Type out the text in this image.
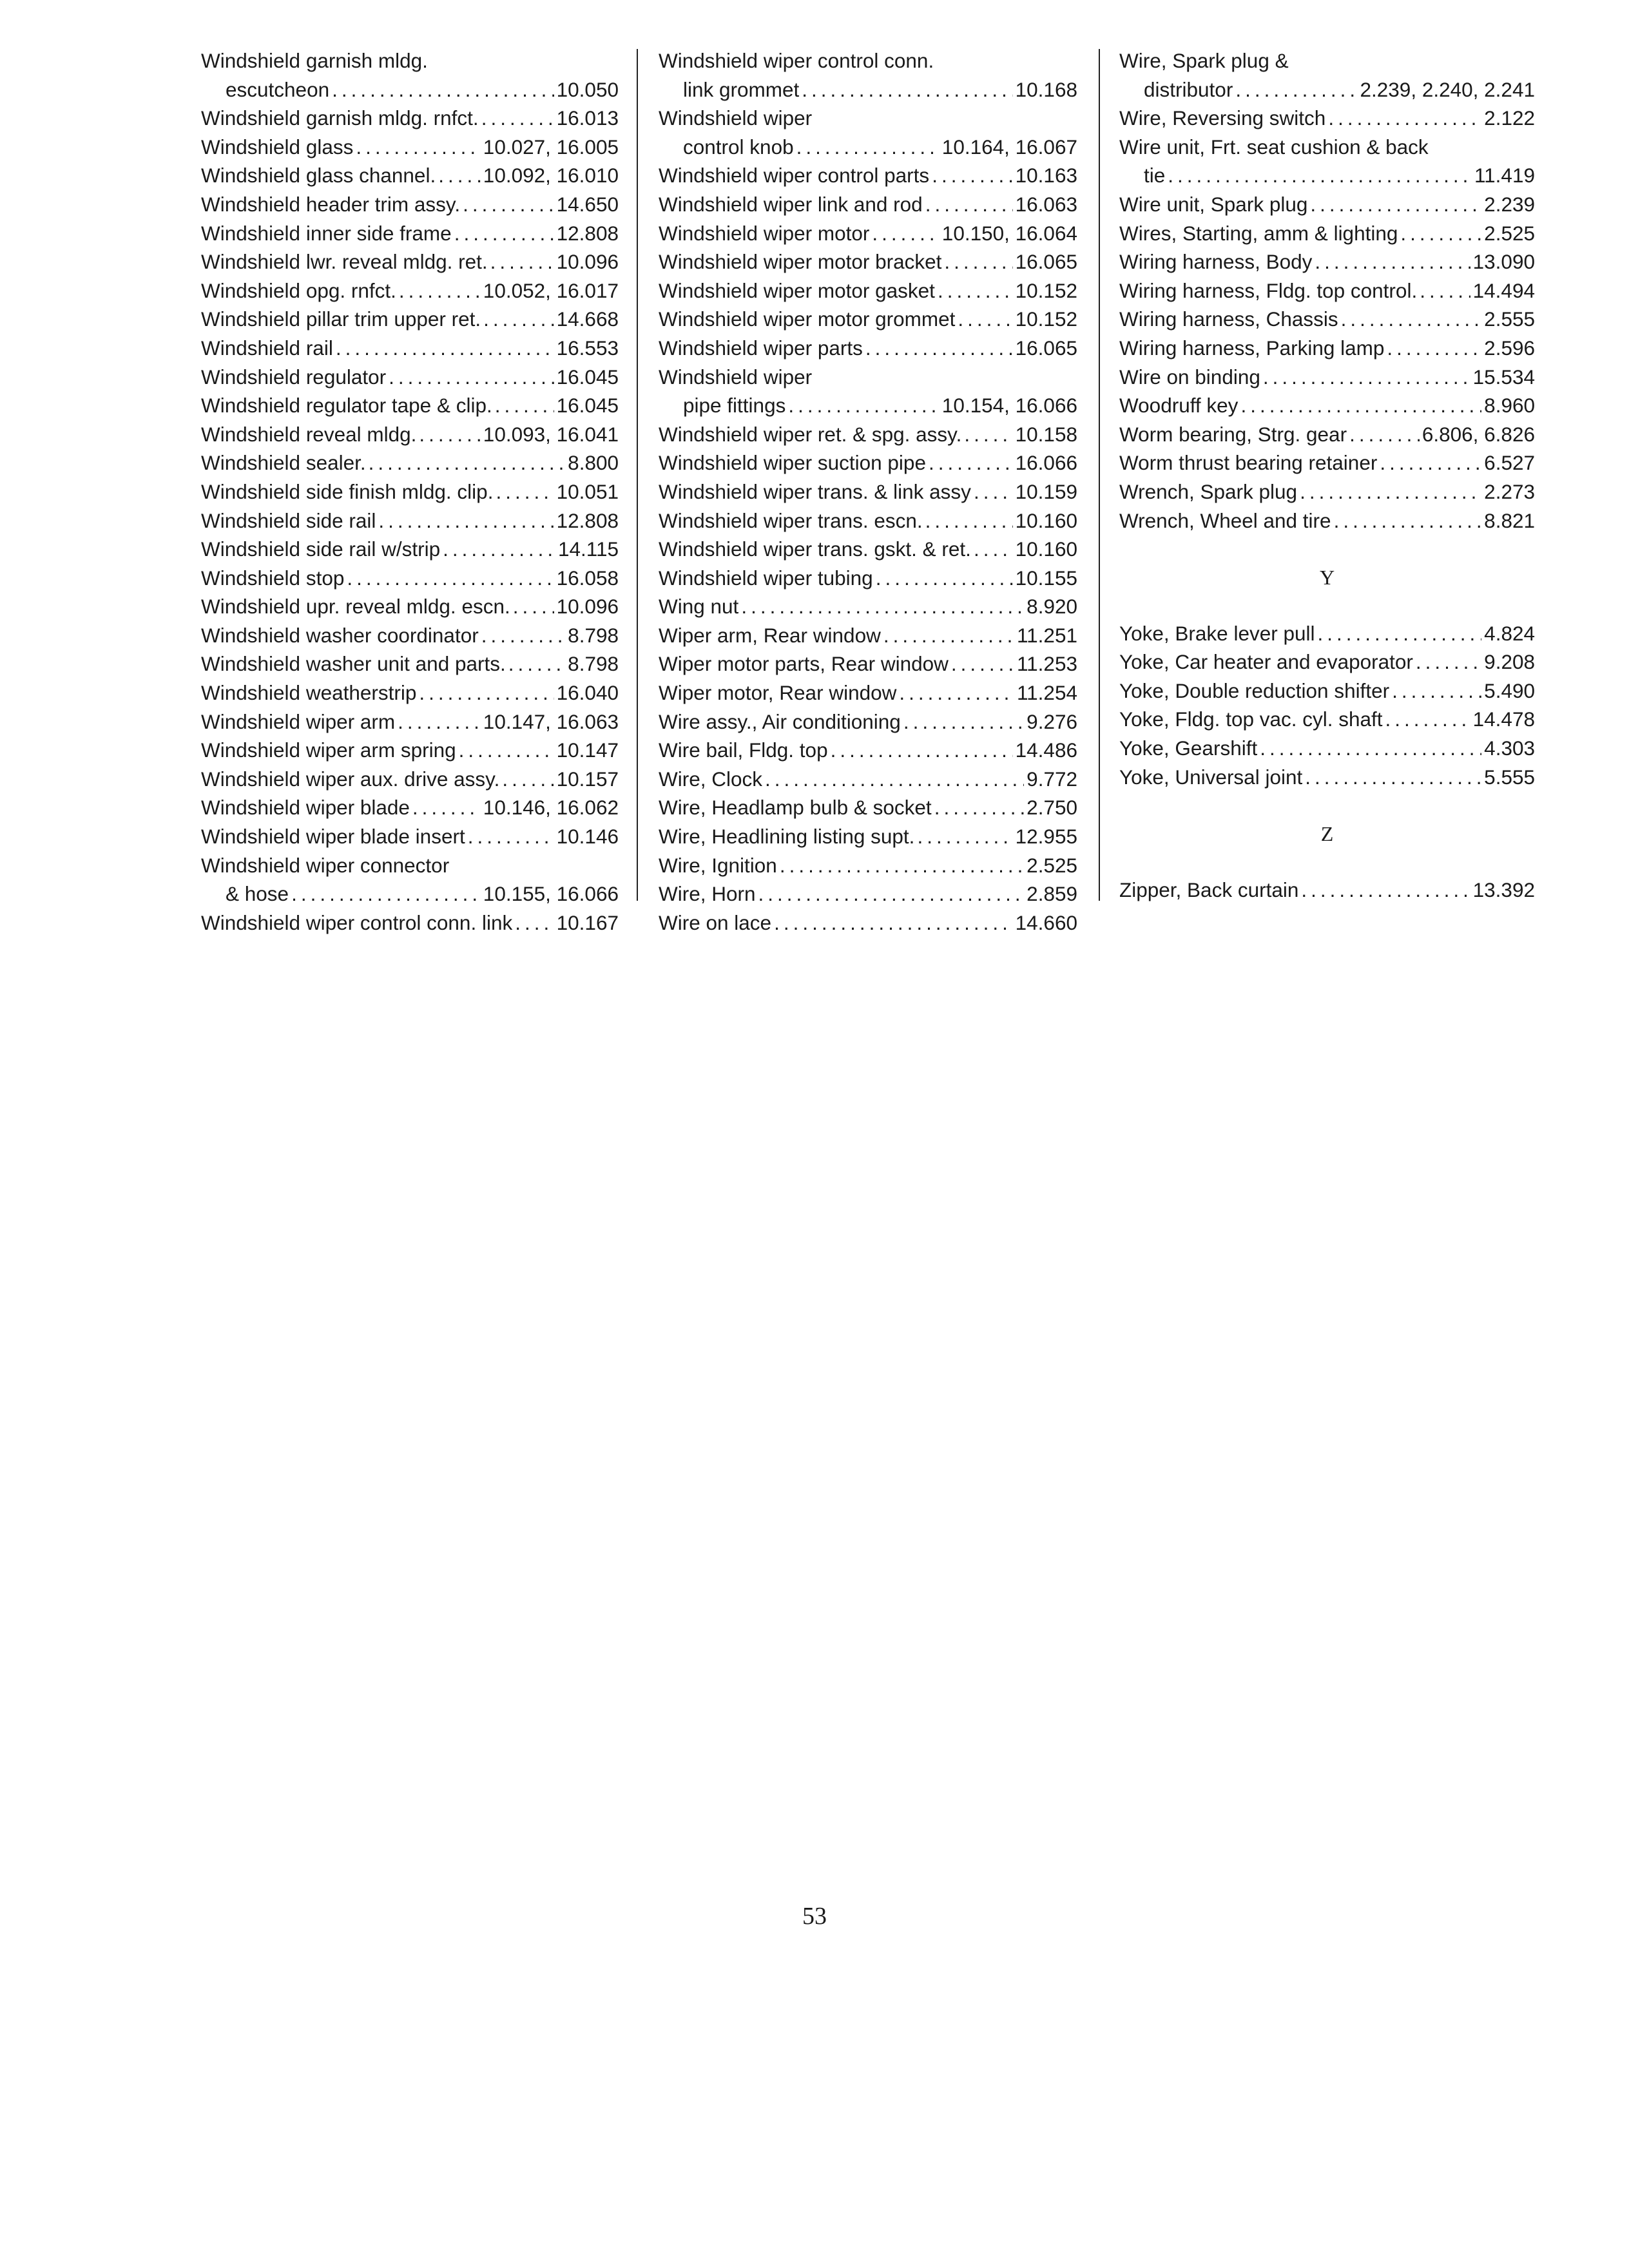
Windshield garnish mldg.
escutcheon .....	10.050
Windshield garnish mldg. rnfct. .....	16.013
Windshield glass .....	10.027, 16.005
Windshield glass channel. ..... 10.092, 16.010
Windshield header trim assy. .....	14.650
Windshield inner side frame .....	12.808
Windshield lwr. reveal mldg. ret. .....	10.096
Windshield opg. rnfct. .....	10.052, 16.017
Windshield pillar trim upper ret. .....	14.668
Windshield rail .....	16.553
Windshield regulator .....	16.045
Windshield regulator tape & clip. .....	16.045
Windshield reveal mldg. .....	10.093, 16.041
Windshield sealer. .....	8.800
Windshield side finish mldg. clip. .....	10.051
Windshield side rail .....	12.808
Windshield side rail w/strip .....	14.115
Windshield stop .....	16.058
Windshield upr. reveal mldg. escn. ..... 10.096
Windshield washer coordinator .....	8.798
Windshield washer unit and parts. .....	8.798
Windshield weatherstrip .....	16.040
Windshield wiper arm .....	10.147, 16.063
Windshield wiper arm spring .....	10.147
Windshield wiper aux. drive assy. .....	10.157
Windshield wiper blade .....	10.146, 16.062
Windshield wiper blade insert .....	10.146
Windshield wiper connector
& hose .....	10.155, 16.066
Windshield wiper control conn. link ..... 10.167
Windshield wiper control conn.
link grommet .....	10.168
Windshield wiper
control knob .....	10.164, 16.067
Windshield wiper control parts .....	10.163
Windshield wiper link and rod .....	16.063
Windshield wiper motor .....	10.150, 16.064
Windshield wiper motor bracket .....	16.065
Windshield wiper motor gasket .....	10.152
Windshield wiper motor grommet .....	10.152
Windshield wiper parts .....	16.065
Windshield wiper
pipe fittings .....	10.154, 16.066
Windshield wiper ret. & spg. assy. .....	10.158
Windshield wiper suction pipe .....	16.066
Windshield wiper trans. & link assy ..... 10.159
Windshield wiper trans. escn. .....	10.160
Windshield wiper trans. gskt. & ret. ..... 10.160
Windshield wiper tubing .....	10.155
Wing nut .....	8.920
Wiper arm, Rear window .....	11.251
Wiper motor parts, Rear window .....	11.253
Wiper motor, Rear window .....	11.254
Wire assy., Air conditioning .....	9.276
Wire bail, Fldg. top .....	14.486
Wire, Clock .....	9.772
Wire, Headlamp bulb & socket .....	2.750
Wire, Headlining listing supt. .....	12.955
Wire, Ignition .....	2.525
Wire, Horn .....	2.859
Wire on lace .....	14.660
Wire, Spark plug &
distributor .....	2.239, 2.240, 2.241
Wire, Reversing switch .....	2.122
Wire unit, Frt. seat cushion & back
tie .....	11.419
Wire unit, Spark plug .....	2.239
Wires, Starting, amm & lighting .....	2.525
Wiring harness, Body .....	13.090
Wiring harness, Fldg. top control. .....	14.494
Wiring harness, Chassis .....	2.555
Wiring harness, Parking lamp .....	2.596
Wire on binding .....	15.534
Woodruff key .....	8.960
Worm bearing, Strg. gear .....	6.806, 6.826
Worm thrust bearing retainer .....	6.527
Wrench, Spark plug .....	2.273
Wrench, Wheel and tire .....	8.821
Y
Yoke, Brake lever pull .....	4.824
Yoke, Car heater and evaporator .....	9.208
Yoke, Double reduction shifter .....	5.490
Yoke, Fldg. top vac. cyl. shaft .....	14.478
Yoke, Gearshift .....	4.303
Yoke, Universal joint .....	5.555
Z
Zipper, Back curtain .....	13.392
53
